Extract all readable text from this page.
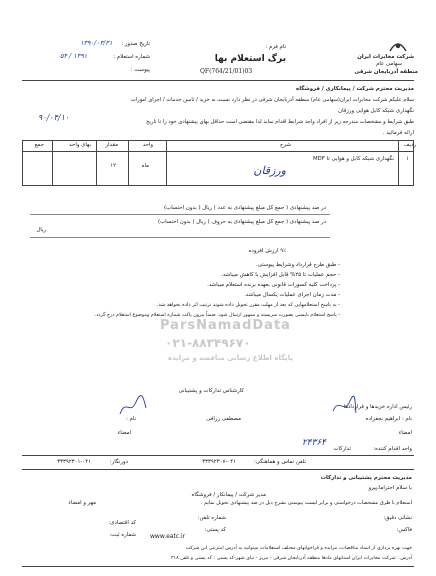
شرکت مخابرات ایران
سهامی عام
منطقه آذربایجان شرقی
نام فرم :
برگ استعلام بها
QF(764/21/01)03
تاریخ صدور :
۱۳۹۰/۰۳/۳۱
شماره استعلام :
۱۳۹۱ / ۵۴
پیوست :
مدیریت محترم شرکت / پیمانکاری / فروشگاه
سلام علیکم شرکت مخابرات ایران(سهامی عام) منطقه آذربایجان شرقی در نظر دارد نسبت به خرید / تامین خدمات / اجرای امورات
نگهداری شبکه کابل هوایی ورزقان
طبق شرایط و مشخصات مندرجه زیر از افراد واجد شرایط اقدام نماید لذا مقتضی است حداقل بهای پیشنهادی خود را تا تاریخ
۹۰/۰۴/۱۰
ارائه فرمائید .
ردیف
شرح
واحد
مقدار
بهای واحد
جمع
۱
نگهداری شبکه کابل و هوایی تا MDF
ورزقان
ماه
۱۲
در صد پیشنهادی ( جمع کل مبلغ پیشنهادی به عدد ) ریال ( بدون احتساب)
در صد پیشنهادی ( جمع کل مبلغ پیشنهادی به حروف ) ریال ( بدون احتساب)
ریال
۹٪ ارزش افزوده
- طبق طرح قرارداد وشرایط پیوستی.
- حجم عملیات تا ۲۵% قابل افزایش یا کاهش میباشد.
- پرداخت کلیه کسورات قانونی بعهده برنده استعلام میباشد.
- مدت زمان اجرای عملیات یکسال میباشد.
- به پاسخ استعلامهایی که بعد از مهلت مقرر تحویل داده شوند ترتیب اثر داده نخواهد شد.
- پاسخ استعلام بایستی بصورت سربسته و ممهور ارسال شود. ضمناً بیرون پاکت شماره استعلام وموضوع استعلام درج گردد.
ParsNamadData
۰۲۱-۸۸۳۴۹۶۷۰
پایگاه اطلاع رسانی مناقصه و مزایده
رئیس اداره خریدها و قراردادها
کارشناس تدارکات و پشتیبانی
نام : ابراهیم نجفزاده
نام :	مصطفی زرافی
امضاء
امضاء
واحد اقدام کننده:
تدارکات
۲۴۳۶۴
تلفن تماس و هماهنگی:
۳۳۳۹۲۳۰۷-۰۴۱
دورنگار:
۳۳۳۹۲۳۰۱-۰۴۱
مدیریت محترم پشتیبانی و تدارکات
با سلام احتراما،پیرو
مدیر شرکت / پیمانکار / فروشگاه
استعلام با طرق مشخصات درخواستی و برابر لیست پیوستی بشرح ذیل در صد پیشنهادی تحویل نمایم .
مهر و امضاء
نشانی دقیق:
شماره تلفن:
فاکس:
کد پستی:
کد اقتصادی:
شماره ثبت:
جهت بهره برداری از اسناد مناقصات، مزایده و فراخوانهای مختلف استعلامات میتوانید به آدرس اینترنتی این شرکت
www.eatc.ir
آدرس : شرکت مخابرات ایران استانهای مادها منطقه آذربایجان شرقی - تبریز - نیای شهر-کد پستی : کد پستی و تلفن ۳۱۸
